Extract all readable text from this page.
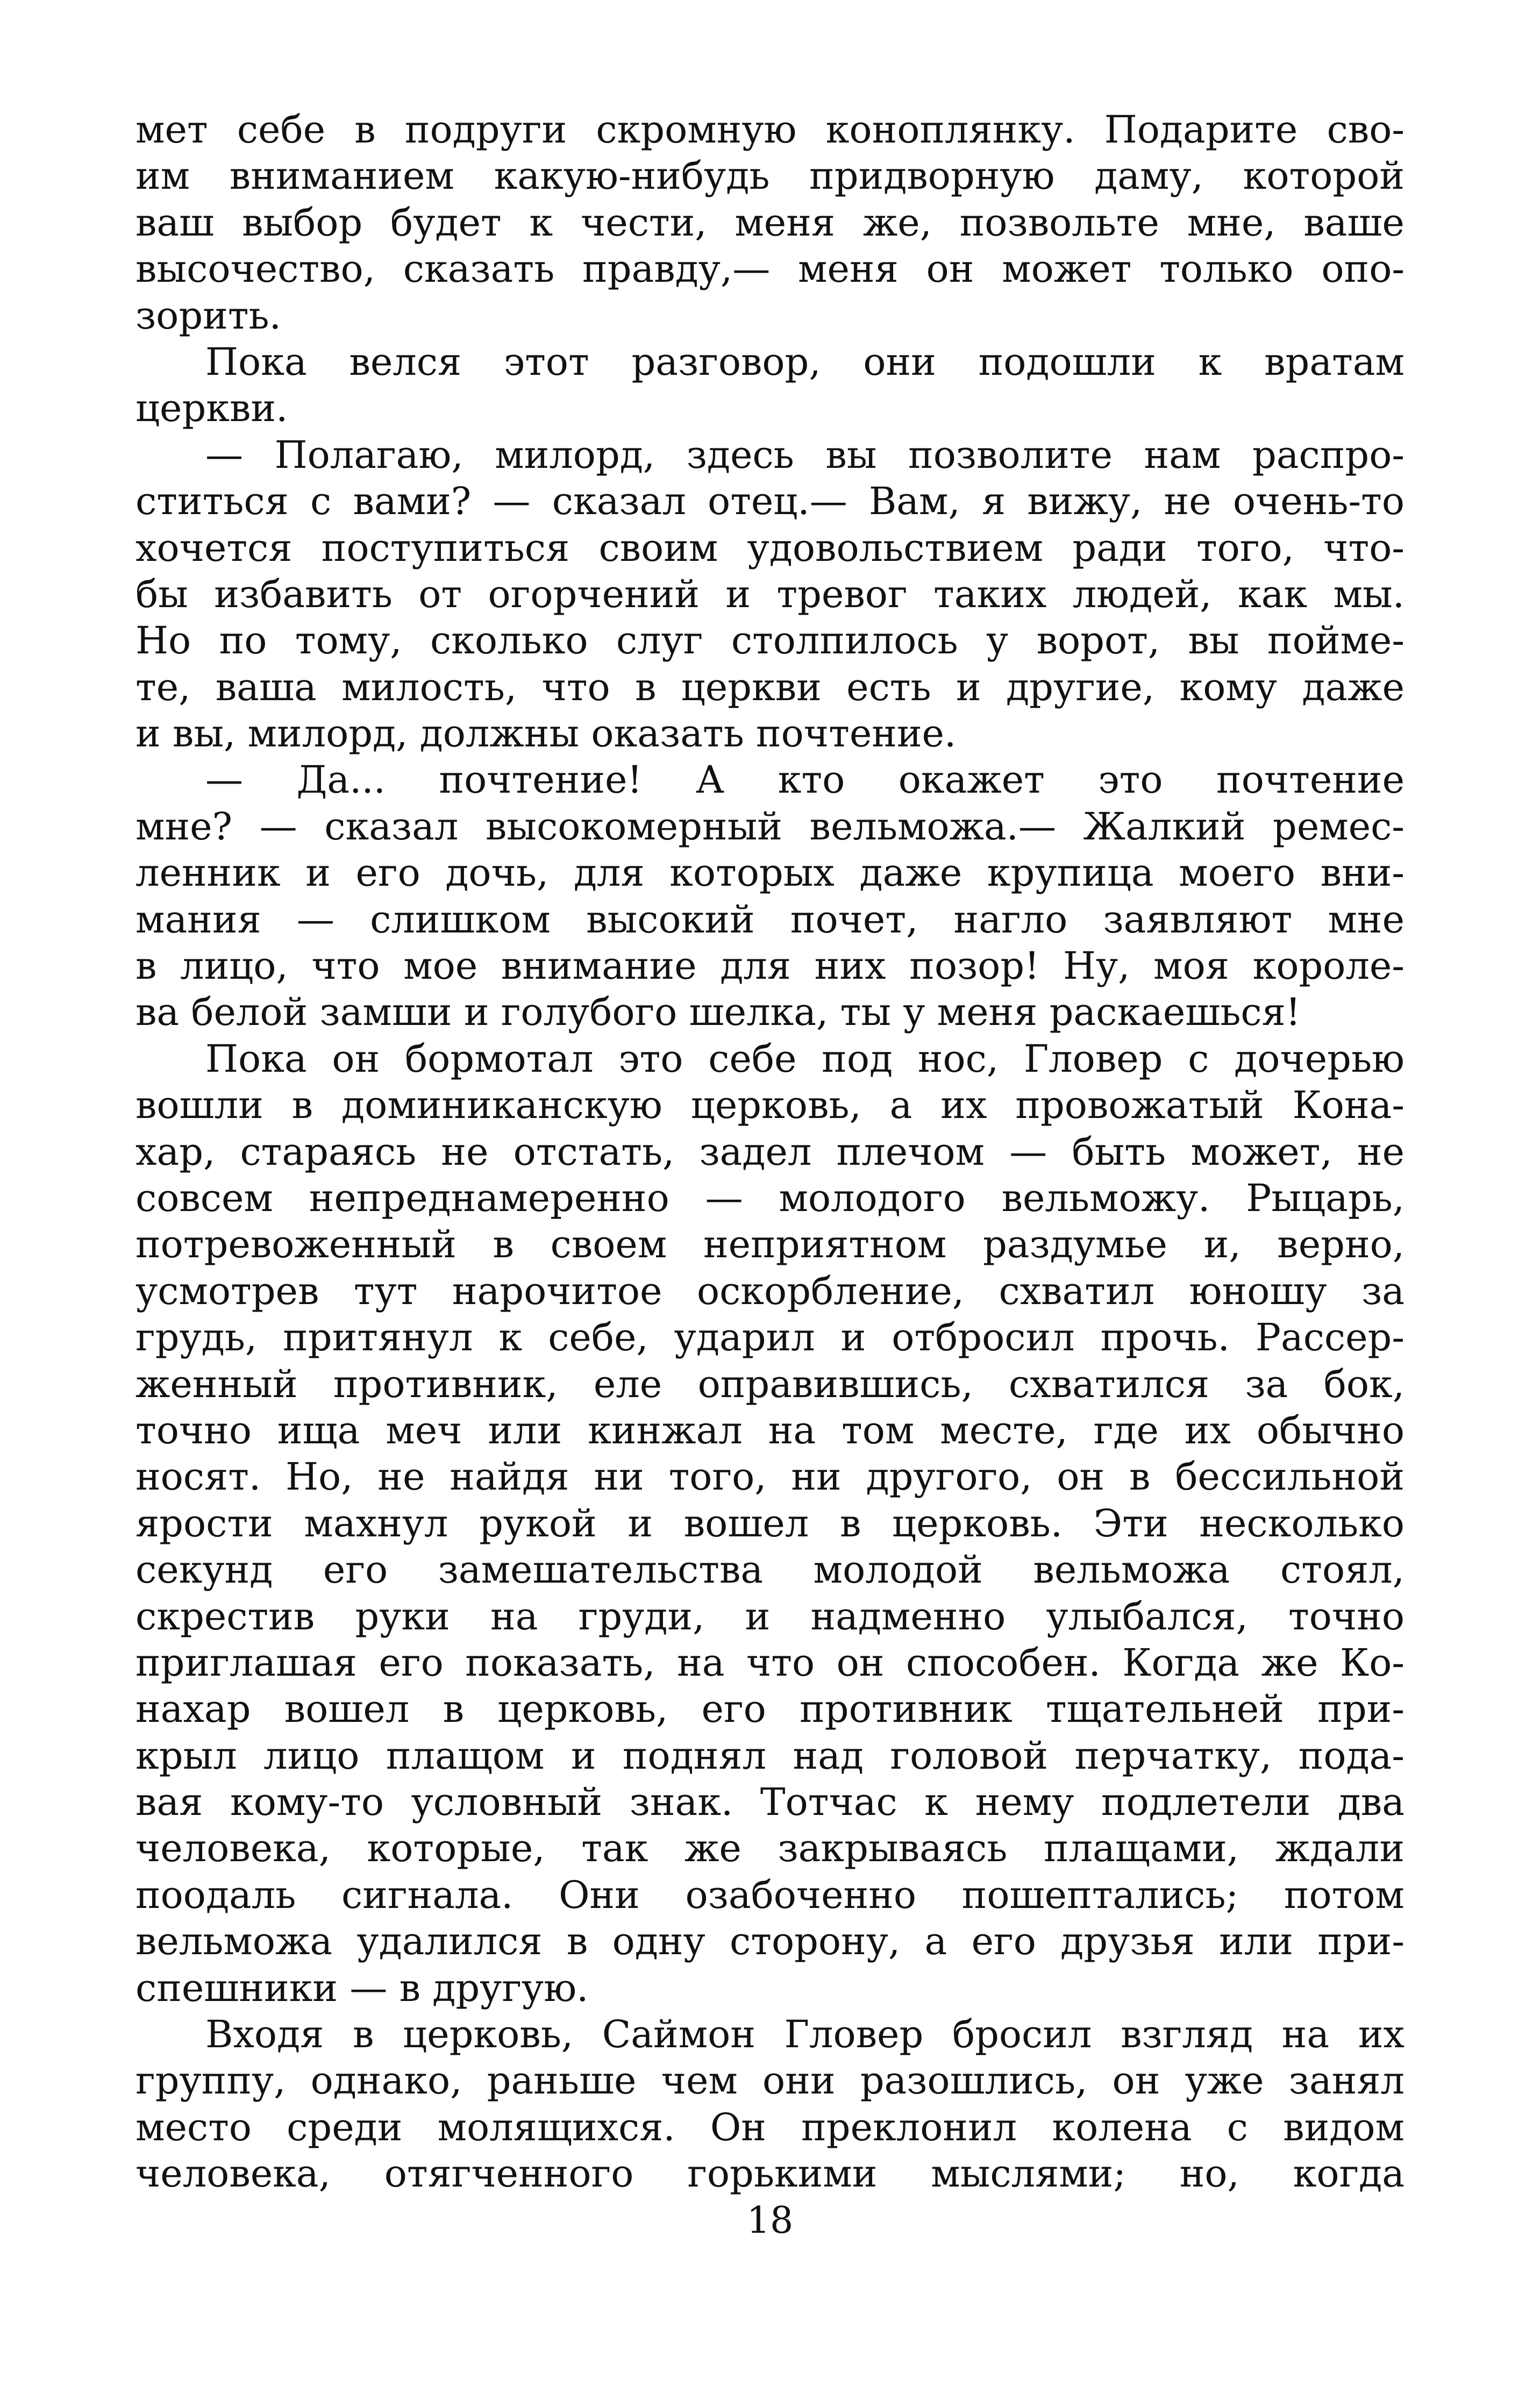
мет себе в подруги скромную коноплянку. Подарите сво-
им вниманием какую-нибудь придворную даму, которой
ваш выбор будет к чести, меня же, позвольте мне, ваше
высочество, сказать правду,— меня он может только опо-
зорить.
Пока велся этот разговор, они подошли к вратам
церкви.
— Полагаю, милорд, здесь вы позволите нам распро-
ститься с вами? — сказал отец.— Вам, я вижу, не очень-то
хочется поступиться своим удовольствием ради того, что-
бы избавить от огорчений и тревог таких людей, как мы.
Но по тому, сколько слуг столпилось у ворот, вы пойме-
те, ваша милость, что в церкви есть и другие, кому даже
и вы, милорд, должны оказать почтение.
— Да... почтение! А кто окажет это почтение
мне? — сказал высокомерный вельможа.— Жалкий ремес-
ленник и его дочь, для которых даже крупица моего вни-
мания — слишком высокий почет, нагло заявляют мне
в лицо, что мое внимание для них позор! Ну, моя короле-
ва белой замши и голубого шелка, ты у меня раскаешься!
Пока он бормотал это себе под нос, Гловер с дочерью
вошли в доминиканскую церковь, а их провожатый Кона-
хар, стараясь не отстать, задел плечом — быть может, не
совсем непреднамеренно — молодого вельможу. Рыцарь,
потревоженный в своем неприятном раздумье и, верно,
усмотрев тут нарочитое оскорбление, схватил юношу за
грудь, притянул к себе, ударил и отбросил прочь. Рассер-
женный противник, еле оправившись, схватился за бок,
точно ища меч или кинжал на том месте, где их обычно
носят. Но, не найдя ни того, ни другого, он в бессильной
ярости махнул рукой и вошел в церковь. Эти несколько
секунд его замешательства молодой вельможа стоял,
скрестив руки на груди, и надменно улыбался, точно
приглашая его показать, на что он способен. Когда же Ко-
нахар вошел в церковь, его противник тщательней при-
крыл лицо плащом и поднял над головой перчатку, пода-
вая кому-то условный знак. Тотчас к нему подлетели два
человека, которые, так же закрываясь плащами, ждали
поодаль сигнала. Они озабоченно пошептались; потом
вельможа удалился в одну сторону, а его друзья или при-
спешники — в другую.
Входя в церковь, Саймон Гловер бросил взгляд на их
группу, однако, раньше чем они разошлись, он уже занял
место среди молящихся. Он преклонил колена с видом
человека, отягченного горькими мыслями; но, когда
18
